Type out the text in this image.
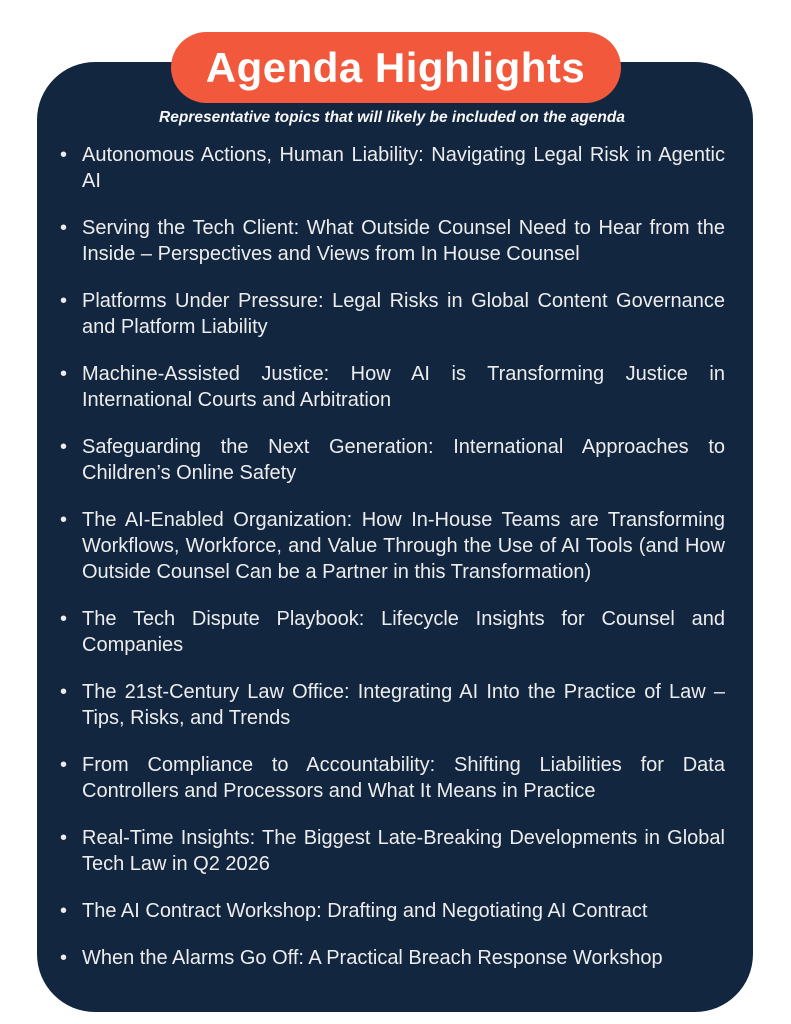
Representative topics that will likely be included on the agenda
• Autonomous Actions, Human Liability: Navigating Legal Risk in Agentic AI
• Serving the Tech Client: What Outside Counsel Need to Hear from the Inside – Perspectives and Views from In House Counsel
• Platforms Under Pressure: Legal Risks in Global Content Governance and Platform Liability
• Machine-Assisted Justice: How AI is Transforming Justice in International Courts and Arbitration
• Safeguarding the Next Generation: International Approaches to Children’s Online Safety
• The AI-Enabled Organization: How In-House Teams are Transforming Workflows, Workforce, and Value Through the Use of AI Tools (and How Outside Counsel Can be a Partner in this Transformation)
• The Tech Dispute Playbook: Lifecycle Insights for Counsel and Companies
• The 21st-Century Law Office: Integrating AI Into the Practice of Law –Tips, Risks, and Trends
• From Compliance to Accountability: Shifting Liabilities for Data Controllers and Processors and What It Means in Practice
• Real-Time Insights: The Biggest Late-Breaking Developments in Global Tech Law in Q2 2026
• The AI Contract Workshop: Drafting and Negotiating AI Contract
• When the Alarms Go Off: A Practical Breach Response Workshop
Agenda Highlights
